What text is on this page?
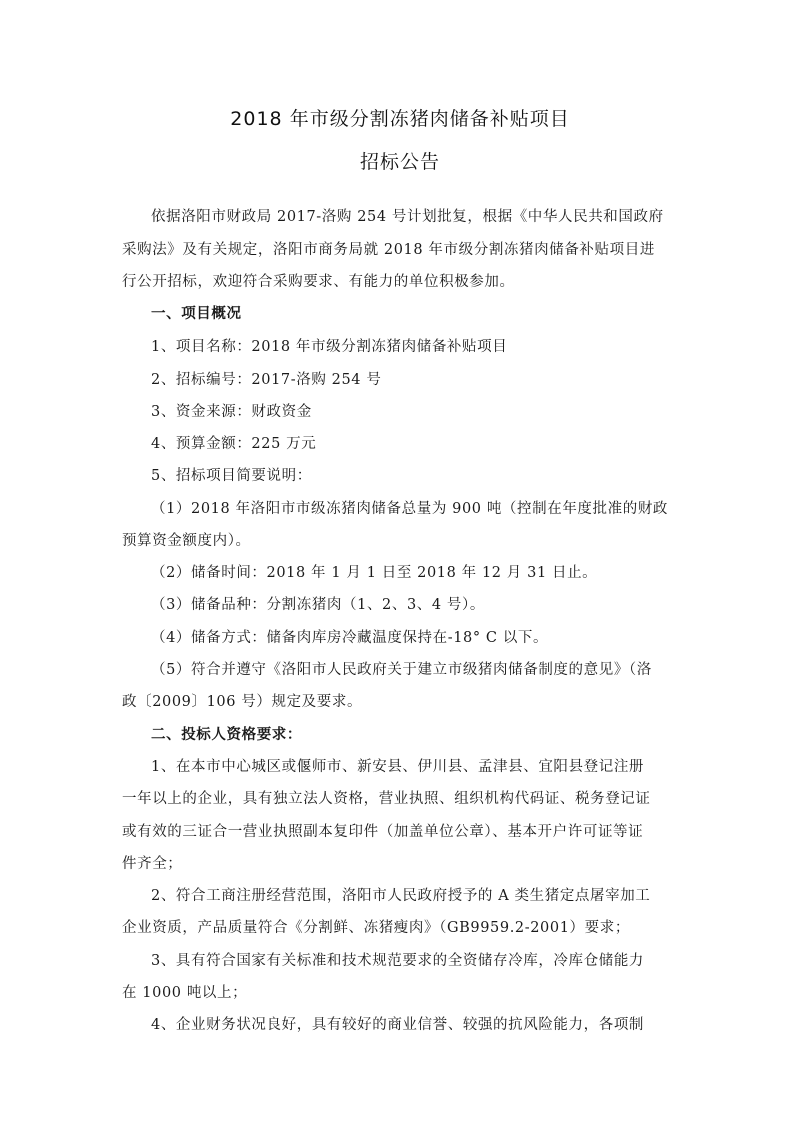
2018 年市级分割冻猪肉储备补贴项目
招标公告
依据洛阳市财政局 2017-洛购 254 号计划批复，根据《中华人民共和国政府
采购法》及有关规定，洛阳市商务局就 2018 年市级分割冻猪肉储备补贴项目进
行公开招标，欢迎符合采购要求、有能力的单位积极参加。
一、项目概况
1、项目名称：2018 年市级分割冻猪肉储备补贴项目
2、招标编号：2017-洛购 254 号
3、资金来源：财政资金
4、预算金额：225 万元
5、招标项目简要说明：
（1）2018 年洛阳市市级冻猪肉储备总量为 900 吨（控制在年度批准的财政
预算资金额度内）。
（2）储备时间：2018 年 1 月 1 日至 2018 年 12 月 31 日止。
（3）储备品种：分割冻猪肉（1、2、3、4 号）。
（4）储备方式：储备肉库房冷藏温度保持在-18° C 以下。
（5）符合并遵守《洛阳市人民政府关于建立市级猪肉储备制度的意见》（洛
政〔2009〕106 号）规定及要求。
二、投标人资格要求：
1、在本市中心城区或偃师市、新安县、伊川县、孟津县、宜阳县登记注册
一年以上的企业，具有独立法人资格，营业执照、组织机构代码证、税务登记证
或有效的三证合一营业执照副本复印件（加盖单位公章）、基本开户许可证等证
件齐全；
2、符合工商注册经营范围，洛阳市人民政府授予的 A 类生猪定点屠宰加工
企业资质，产品质量符合《分割鲜、冻猪瘦肉》（GB9959.2-2001）要求；
3、具有符合国家有关标准和技术规范要求的全资储存冷库，冷库仓储能力
在 1000 吨以上；
4、企业财务状况良好，具有较好的商业信誉、较强的抗风险能力，各项制
